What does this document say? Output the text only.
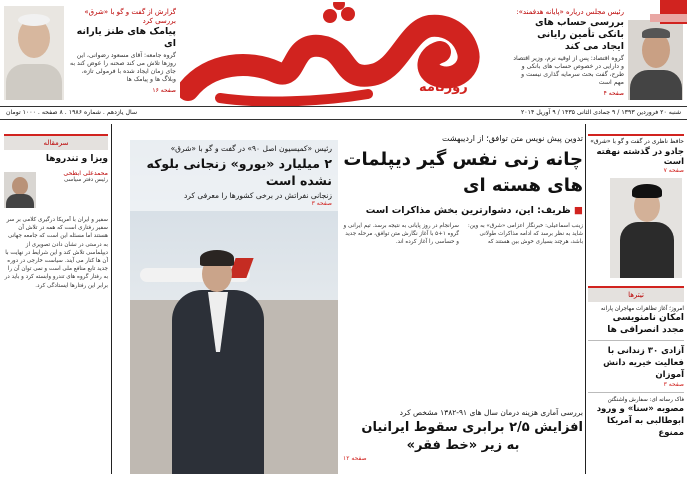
گزارش از گفت و گو با «شرق» بررسی کرد
پیامک های طنز یارانه ای
گروه جامعه: آقای مسعود رضوانی، این روزها تلاش می کند صحنه را عوض کند به جای زمان ایجاد شده با فرمولی تازه، وبلاگ ها و پیامک ها
صفحه ۱۶	روزنامه
رئیس مجلس دریاره «پایانه هدفمند»:
بررسی حساب های بانکی تأمین رایانی ایجاد می کند
گروه اقتصاد: پس از اوقیه نرم، وزیر اقتصاد و دارایی در خصوص حساب های بانکی و طرح، گفت بحث سرمایه گذاری نیست و مهم است
صفحه ۴
شنبه ۲۰ فروردین ۱۳۹۳ / ۹ جمادی الثانی ۱۴۳۵ / ۹ آوریل ۲۰۱۴
سال یازدهم . شماره ۱۹۸۶ . ۸ صفحه . ۱۰۰۰ تومان
سرمقاله
ویزا و تندروها
محمدعلی ابطحی
رئیس دفتر سیاسی
سفیر و ایران با آمریکا درگیری کلامی بر سر سفیر رفتاری است که همه در تلاش آن هستند اما مسئله این است که جامعه جهانی به درستی در نشان دادن تصویری از دیپلماسی تلاش کند و این شرایط در نهایت با آن ها کنار می آیند. سیاست خارجی در دوره جدید تابع منافع ملی است و نمی توان آن را به رفتار گروه های تندرو وابسته کرد و باید در برابر این رفتارها ایستادگی کرد.
تدوین پیش نویس متن توافق؛ از اردیبهشت
چانه زنی نفس گیر دیپلمات های هسته ای
■ ظریف: این، دشوارترین بخش مذاکرات است
زینب اسماعیلی: خبرنگار اعزامی «شرق» به وین: شاید به نظر برسد که ادامه مذاکرات طولانی باشد، هرچند بسیاری خوش بین هستند که سرانجام در روز پایانی به نتیجه برسد. تیم ایرانی و گروه ۱+۵ با آغاز نگارش متن توافق، مرحله جدید و حساسی را آغاز کرده اند.
رئیس «کمیسیون اصل ۹۰» در گفت و گو با «شرق»
۲ میلیارد «یورو» زنجانی بلوکه نشده است
زنجانی نفراتش در برخی کشورها را معرفی کرد
صفحه ۳
بررسی آماری هزینه درمان سال های ۹۱-۱۳۸۲ مشخص کرد
افزایش ۲/۵ برابری سقوط ایرانیان
به زیر «خط فقر»
صفحه ۱۲
حافظ ناظری در گفت و گو با «شرق»
جادو در گذشته نهفته است
صفحه ۷
تیترها
امروز؛ آغاز تظاهرات مهاجران پارانه
امکان نامنویسی مجدد انصرافی ها
آزادی ۳۰ زندانی با فعالیت خیریه دانش آموزان
صفحه ۳
فاک رسانه ای: سفارش واشنگتن
مصوبه «سنا» و ورود ابوطالبی به آمریکا ممنوع
